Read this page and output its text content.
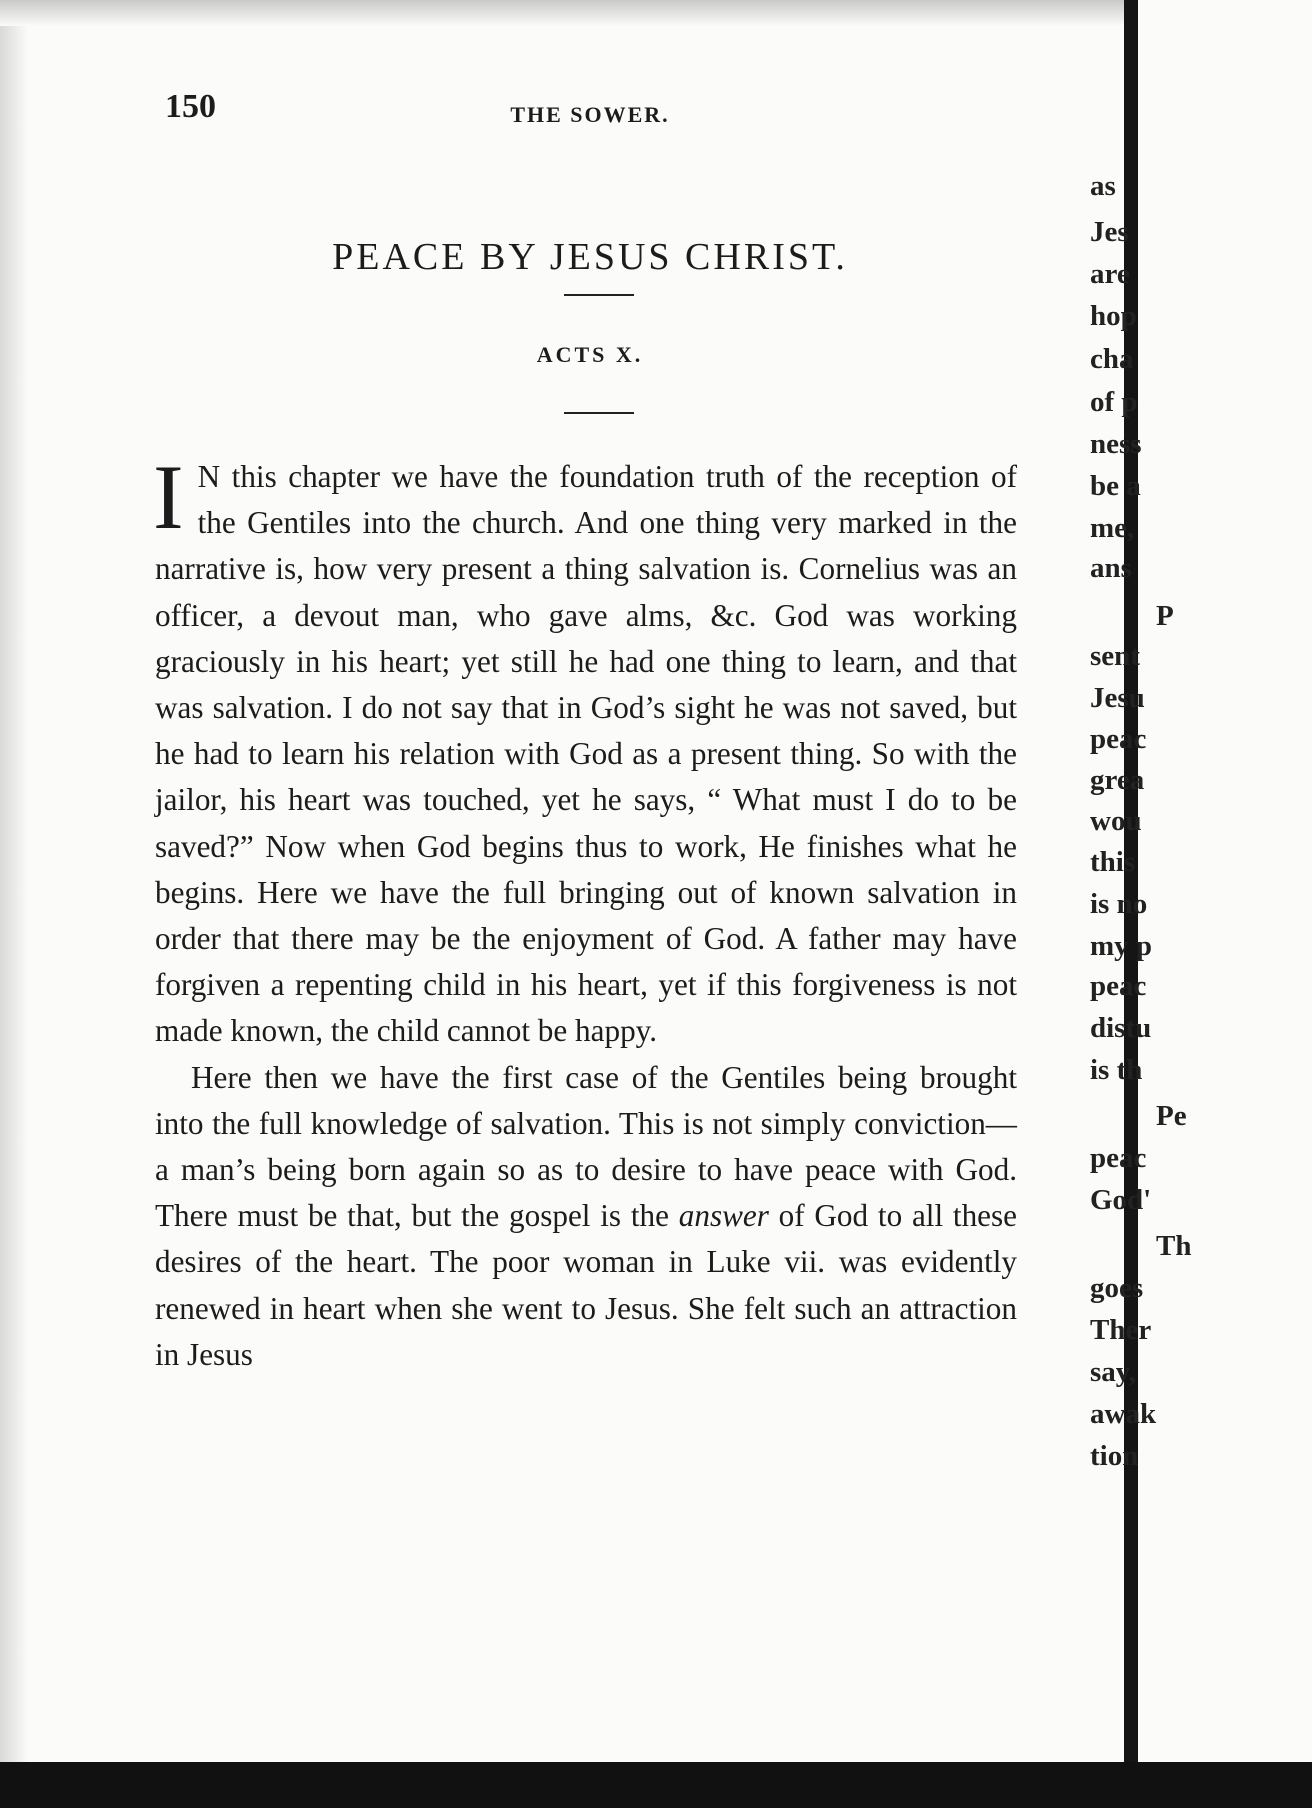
150	THE SOWER.
PEACE BY JESUS CHRIST.
ACTS X.

I N this chapter we have the foundation truth of the reception of the Gentiles into the church. And one thing very marked in the narrative is, how very present a thing salvation is. Cornelius was an officer, a devout man, who gave alms, &c. God was working graciously in his heart; yet still he had one thing to learn, and that was salvation. I do not say that in God’s sight he was not saved, but he had to learn his relation with God as a present thing. So with the jailor, his heart was touched, yet he says, “ What must I do to be saved?” Now when God begins thus to work, He finishes what he begins. Here we have the full bringing out of known salvation in order that there may be the enjoyment of God. A father may have forgiven a repenting child in his heart, yet if this forgiveness is not made known, the child cannot be happy.

Here then we have the first case of the Gentiles being brought into the full knowledge of salvation. This is not simply conviction—a man’s being born again so as to desire to have peace with God. There must be that, but the gospel is the answer of God to all these desires of the heart. The poor woman in Luke vii. was evidently renewed in heart when she went to Jesus. She felt such an attraction in Jesus

as
Jes
are
hop
cha
of p
ness
be a
me,
ans
P
sent
Jesu
peac
grea
wou
this
is no
my p
peac
distu
is th
Pe
peac
God'
Th
goes
Ther
say,
awak
tion
